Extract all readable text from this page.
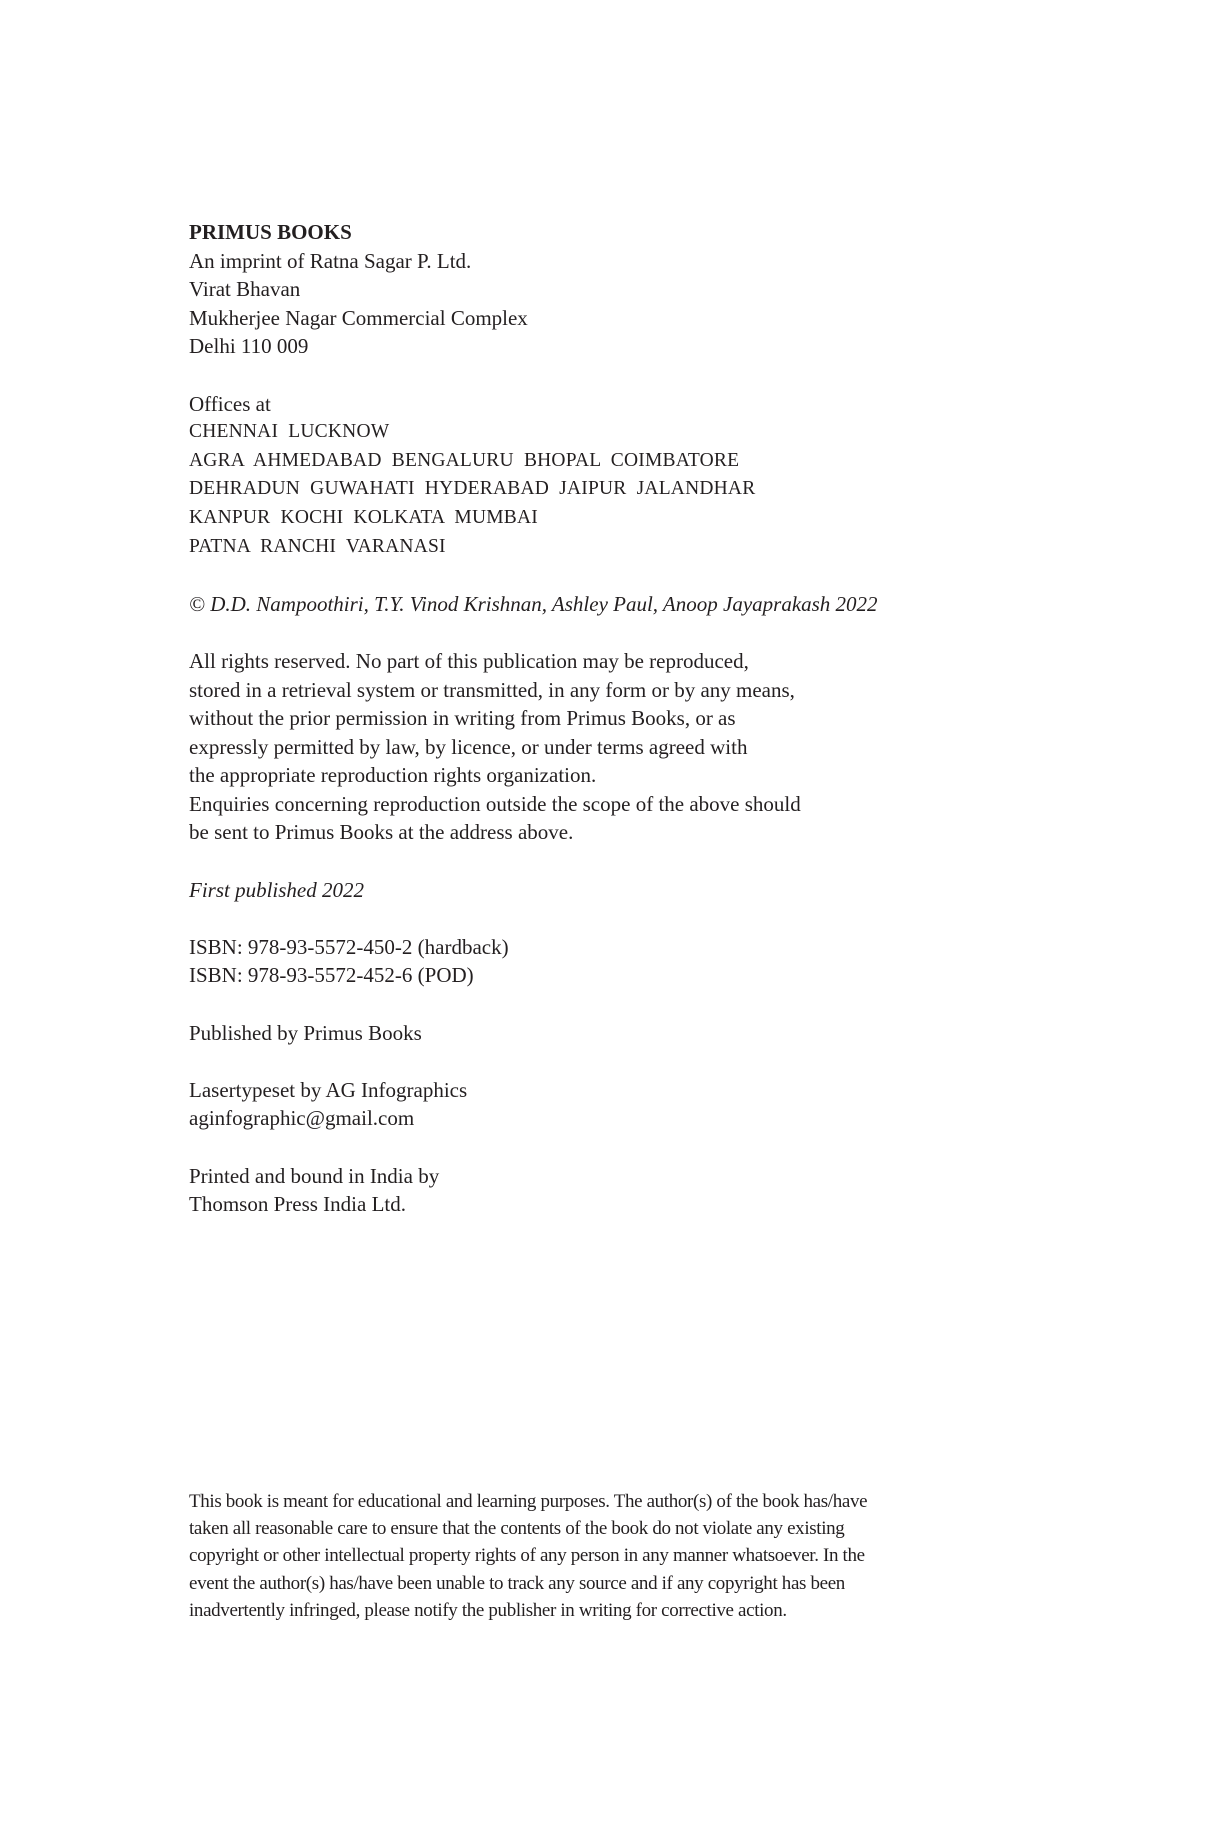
PRIMUS BOOKS
An imprint of Ratna Sagar P. Ltd.
Virat Bhavan
Mukherjee Nagar Commercial Complex
Delhi 110 009
Offices at
CHENNAI  LUCKNOW
AGRA  AHMEDABAD  BENGALURU  BHOPAL  COIMBATORE
DEHRADUN  GUWAHATI  HYDERABAD  JAIPUR  JALANDHAR
KANPUR  KOCHI  KOLKATA  MUMBAI
PATNA  RANCHI  VARANASI
© D.D. Nampoothiri, T.Y. Vinod Krishnan, Ashley Paul, Anoop Jayaprakash 2022
All rights reserved. No part of this publication may be reproduced,
stored in a retrieval system or transmitted, in any form or by any means,
without the prior permission in writing from Primus Books, or as
expressly permitted by law, by licence, or under terms agreed with
the appropriate reproduction rights organization.
Enquiries concerning reproduction outside the scope of the above should
be sent to Primus Books at the address above.
First published 2022
ISBN: 978-93-5572-450-2 (hardback)
ISBN: 978-93-5572-452-6 (POD)
Published by Primus Books
Lasertypeset by AG Infographics
aginfographic@gmail.com
Printed and bound in India by
Thomson Press India Ltd.
This book is meant for educational and learning purposes. The author(s) of the book has/have
taken all reasonable care to ensure that the contents of the book do not violate any existing
copyright or other intellectual property rights of any person in any manner whatsoever. In the
event the author(s) has/have been unable to track any source and if any copyright has been
inadvertently infringed, please notify the publisher in writing for corrective action.
